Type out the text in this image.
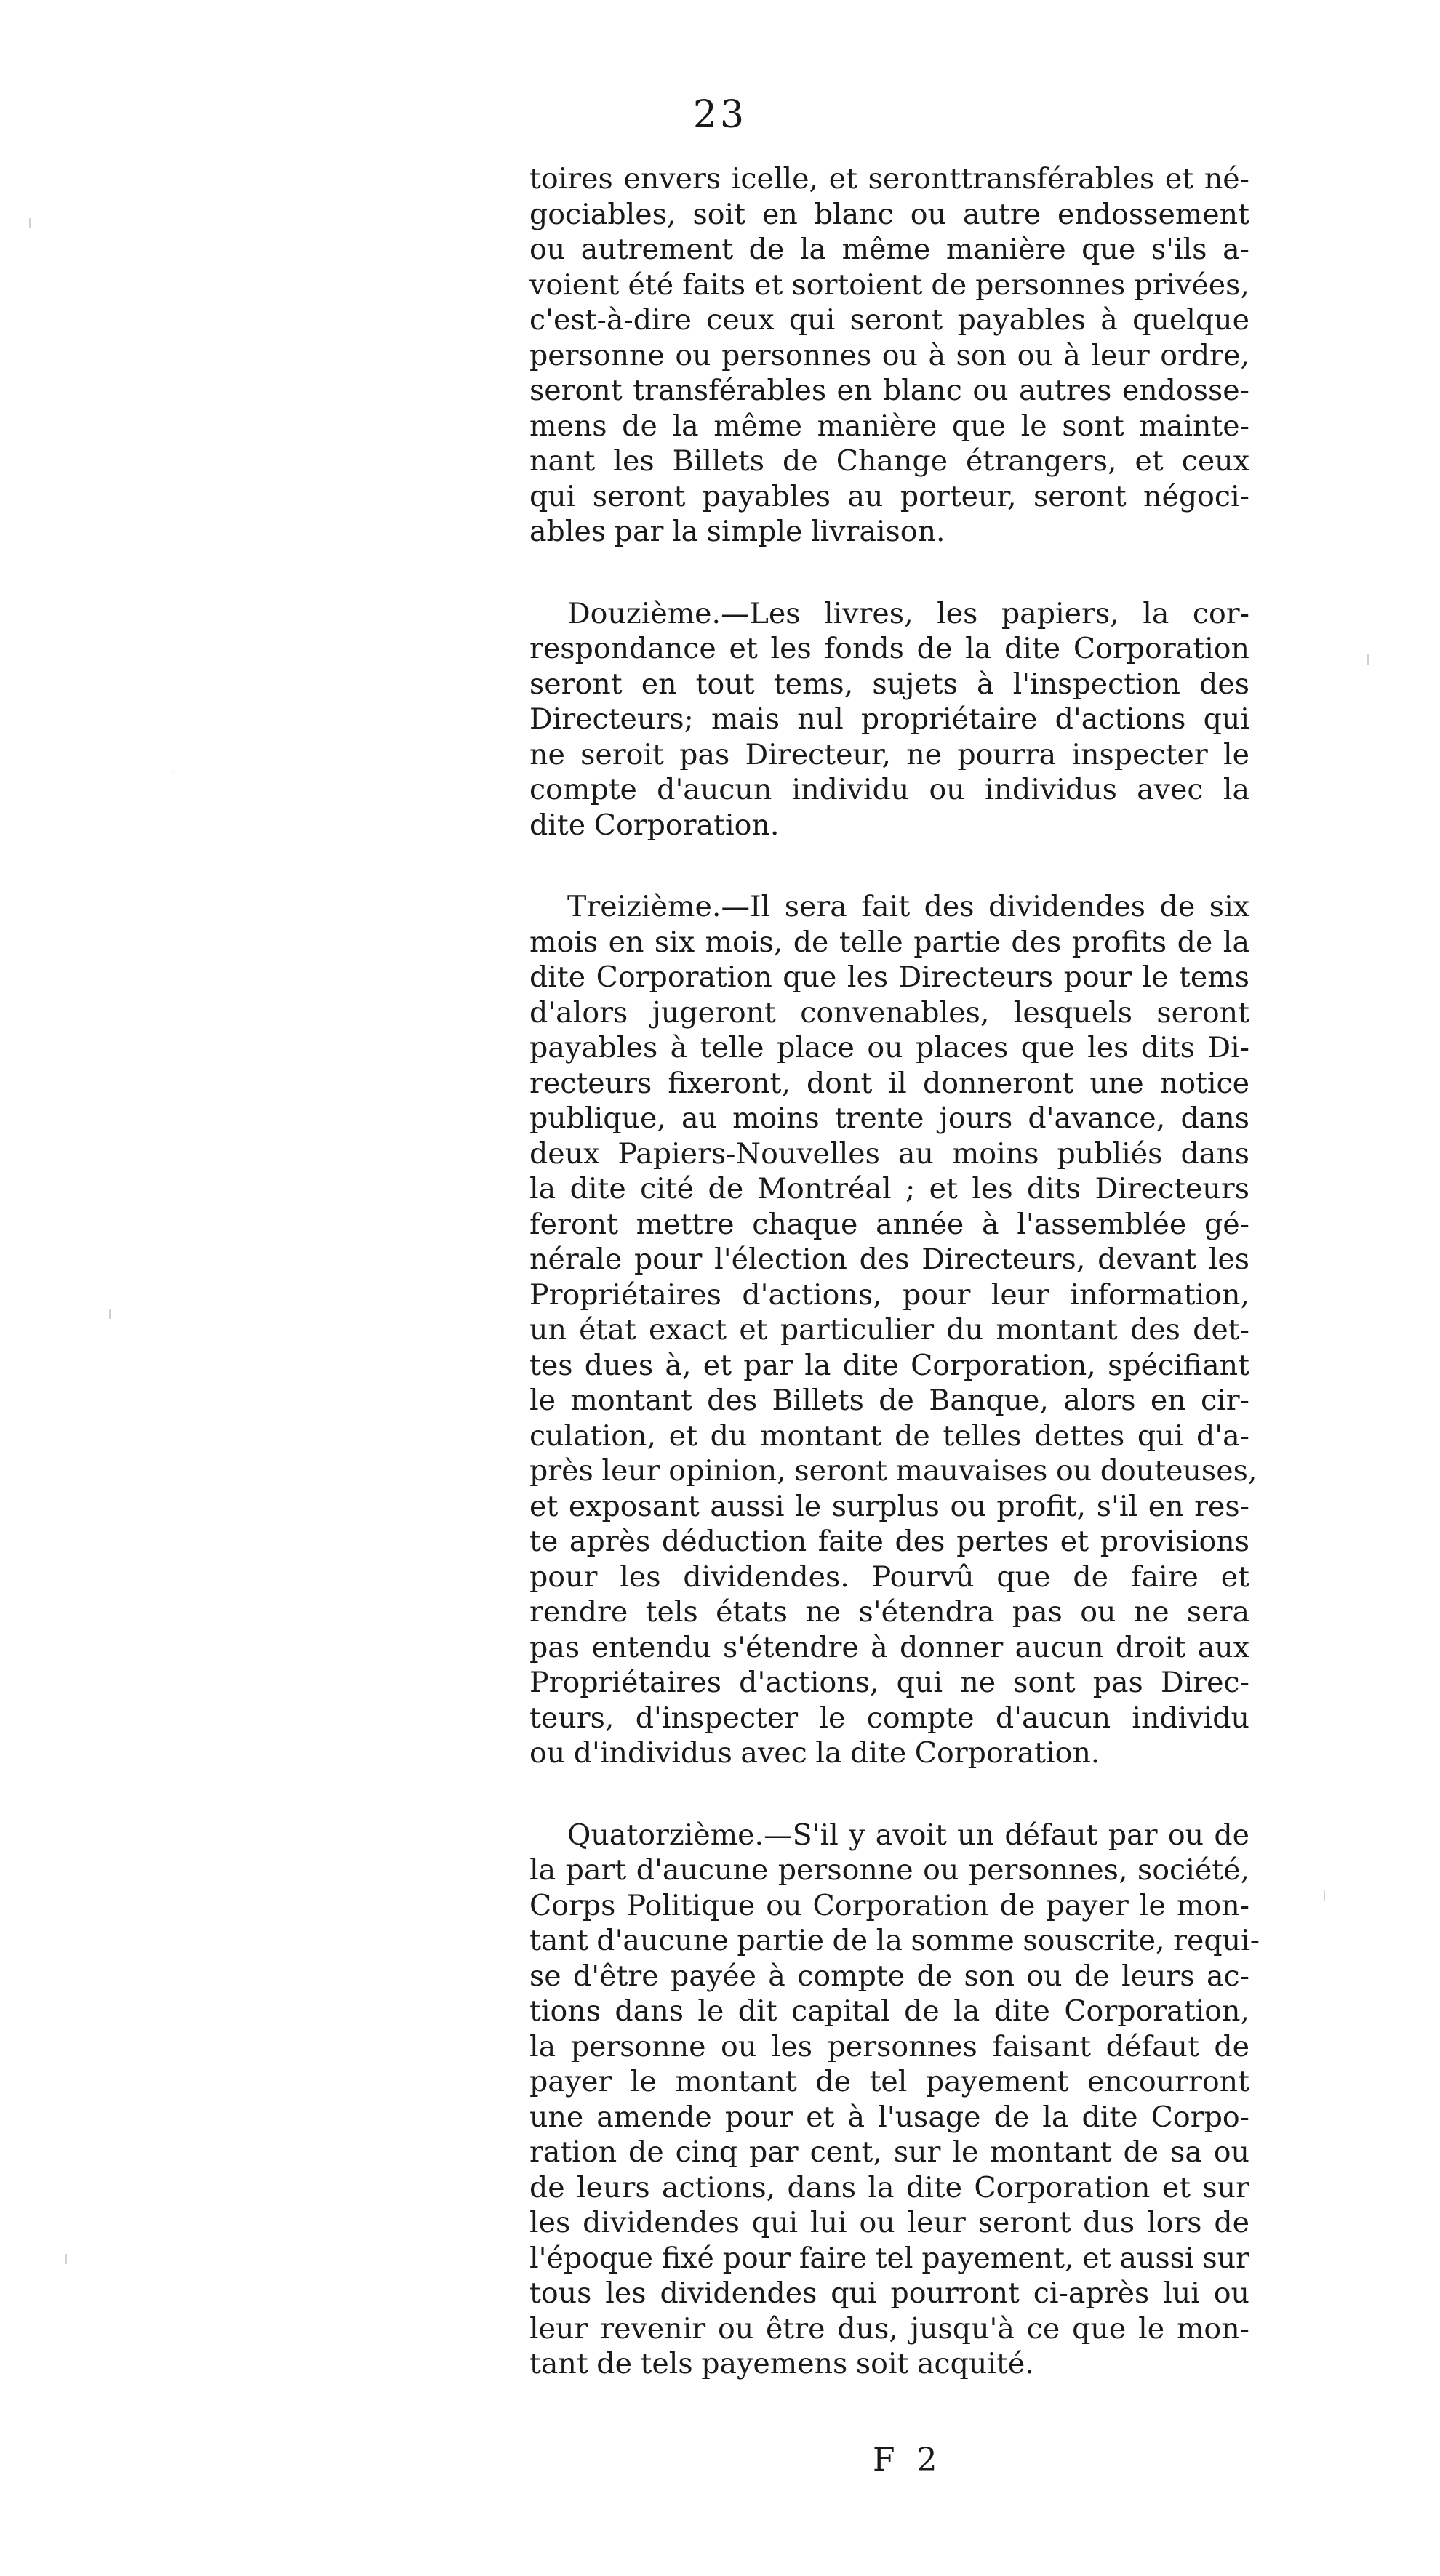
23
toires envers icelle, et seronttransférables et né-
gociables, soit en blanc ou autre endossement
ou autrement de la même manière que s'ils a-
voient été faits et sortoient de personnes privées,
c'est-à-dire ceux qui seront payables à quelque
personne ou personnes ou à son ou à leur ordre,
seront transférables en blanc ou autres endosse-
mens de la même manière que le sont mainte-
nant les Billets de Change étrangers, et ceux
qui seront payables au porteur, seront négoci-
ables par la simple livraison.
Douzième.—Les livres, les papiers, la cor-
respondance et les fonds de la dite Corporation
seront en tout tems, sujets à l'inspection des
Directeurs; mais nul propriétaire d'actions qui
ne seroit pas Directeur, ne pourra inspecter le
compte d'aucun individu ou individus avec la
dite Corporation.
Treizième.—Il sera fait des dividendes de six
mois en six mois, de telle partie des profits de la
dite Corporation que les Directeurs pour le tems
d'alors jugeront convenables, lesquels seront
payables à telle place ou places que les dits Di-
recteurs fixeront, dont il donneront une notice
publique, au moins trente jours d'avance, dans
deux Papiers-Nouvelles au moins publiés dans
la dite cité de Montréal ; et les dits Directeurs
feront mettre chaque année à l'assemblée gé-
nérale pour l'élection des Directeurs, devant les
Propriétaires d'actions, pour leur information,
un état exact et particulier du montant des det-
tes dues à, et par la dite Corporation, spécifiant
le montant des Billets de Banque, alors en cir-
culation, et du montant de telles dettes qui d'a-
près leur opinion, seront mauvaises ou douteuses,
et exposant aussi le surplus ou profit, s'il en res-
te après déduction faite des pertes et provisions
pour les dividendes. Pourvû que de faire et
rendre tels états ne s'étendra pas ou ne sera
pas entendu s'étendre à donner aucun droit aux
Propriétaires d'actions, qui ne sont pas Direc-
teurs, d'inspecter le compte d'aucun individu
ou d'individus avec la dite Corporation.
Quatorzième.—S'il y avoit un défaut par ou de
la part d'aucune personne ou personnes, société,
Corps Politique ou Corporation de payer le mon-
tant d'aucune partie de la somme souscrite, requi-
se d'être payée à compte de son ou de leurs ac-
tions dans le dit capital de la dite Corporation,
la personne ou les personnes faisant défaut de
payer le montant de tel payement encourront
une amende pour et à l'usage de la dite Corpo-
ration de cinq par cent, sur le montant de sa ou
de leurs actions, dans la dite Corporation et sur
les dividendes qui lui ou leur seront dus lors de
l'époque fixé pour faire tel payement, et aussi sur
tous les dividendes qui pourront ci-après lui ou
leur revenir ou être dus, jusqu'à ce que le mon-
tant de tels payemens soit acquité.
F 2
